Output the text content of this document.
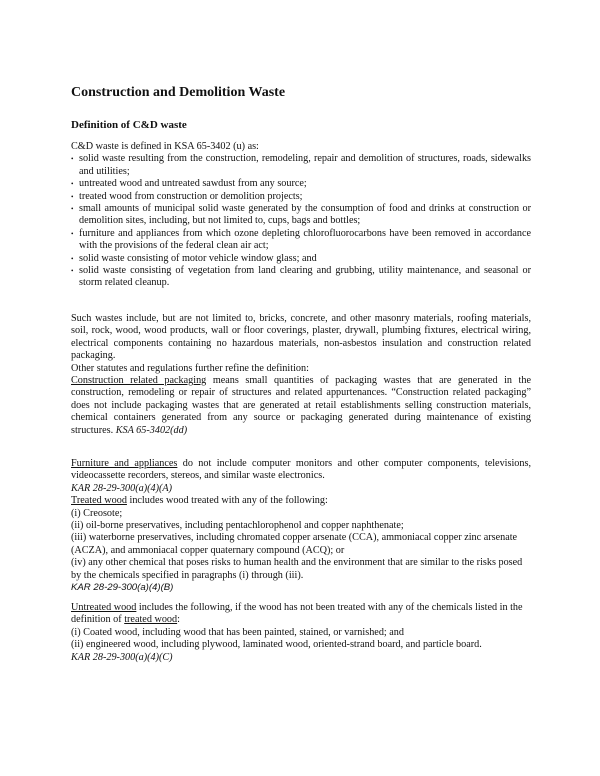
Construction and Demolition Waste
Definition of C&D waste
C&D waste is defined in KSA 65-3402 (u) as:
• solid waste resulting from the construction, remodeling, repair and demolition of structures, roads, sidewalks and utilities;
• untreated wood and untreated sawdust from any source;
• treated wood from construction or demolition projects;
• small amounts of municipal solid waste generated by the consumption of food and drinks at construction or demolition sites, including, but not limited to, cups, bags and bottles;
• furniture and appliances from which ozone depleting chlorofluorocarbons have been removed in accordance with the provisions of the federal clean air act;
• solid waste consisting of motor vehicle window glass; and
• solid waste consisting of vegetation from land clearing and grubbing, utility maintenance, and seasonal or storm related cleanup.

Such wastes include, but are not limited to, bricks, concrete, and other masonry materials, roofing materials, soil, rock, wood, wood products, wall or floor coverings, plaster, drywall, plumbing fixtures, electrical wiring, electrical components containing no hazardous materials, non-asbestos insulation and construction related packaging.

Other statutes and regulations further refine the definition:

Construction related packaging means small quantities of packaging wastes that are generated in the construction, remodeling or repair of structures and related appurtenances. “Construction related packaging” does not include packaging wastes that are generated at retail establishments selling construction materials, chemical containers generated from any source or packaging generated during maintenance of existing structures. KSA 65-3402(dd)

Furniture and appliances do not include computer monitors and other computer components, televisions, videocassette recorders, stereos, and similar waste electronics.

KAR 28-29-300(a)(4)(A)

Treated wood includes wood treated with any of the following:

(i) Creosote;

(ii) oil-borne preservatives, including pentachlorophenol and copper naphthenate;

(iii) waterborne preservatives, including chromated copper arsenate (CCA), ammoniacal copper zinc arsenate (ACZA), and ammoniacal copper quaternary compound (ACQ); or

(iv) any other chemical that poses risks to human health and the environment that are similar to the risks posed by the chemicals specified in paragraphs (i) through (iii).

KAR 28-29-300(a)(4)(B)

Untreated wood includes the following, if the wood has not been treated with any of the chemicals listed in the definition of treated wood:

(i) Coated wood, including wood that has been painted, stained, or varnished; and

(ii) engineered wood, including plywood, laminated wood, oriented-strand board, and particle board.

KAR 28-29-300(a)(4)(C)
